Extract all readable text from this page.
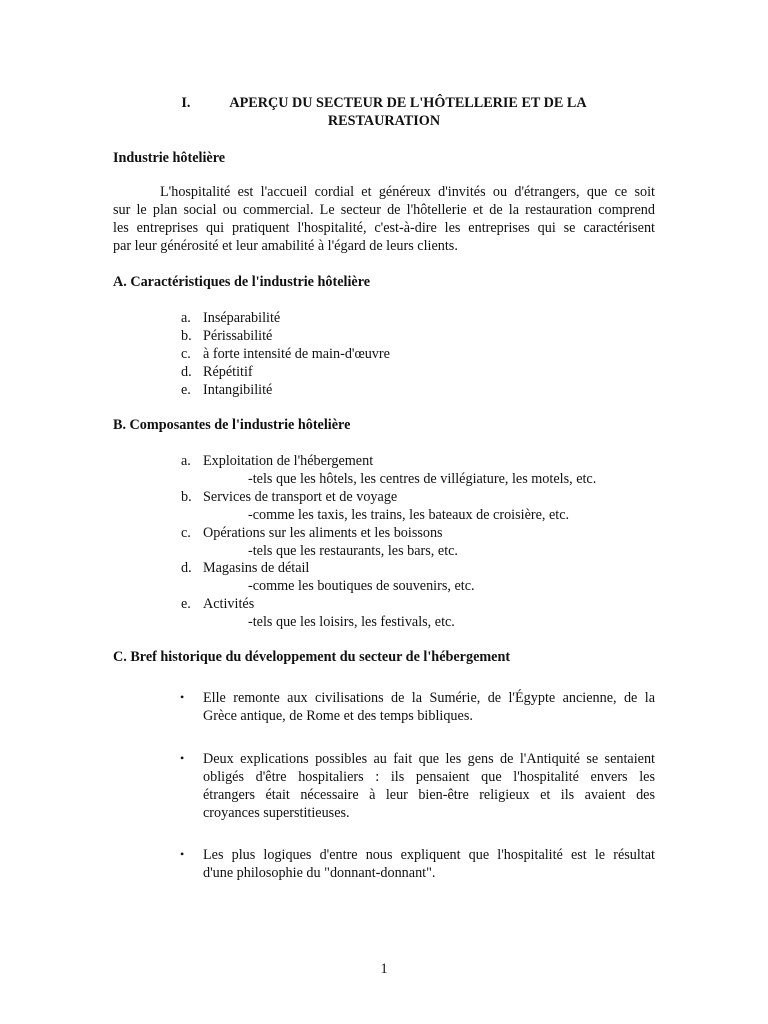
I.	APERÇU DU SECTEUR DE L'HÔTELLERIE ET DE LA
RESTAURATION
Industrie hôtelière
L'hospitalité est l'accueil cordial et généreux d'invités ou d'étrangers, que ce soit
sur le plan social ou commercial. Le secteur de l'hôtellerie et de la restauration comprend
les entreprises qui pratiquent l'hospitalité, c'est-à-dire les entreprises qui se caractérisent
par leur générosité et leur amabilité à l'égard de leurs clients.
A. Caractéristiques de l'industrie hôtelière
a. Inséparabilité
b. Périssabilité
c. à forte intensité de main-d'œuvre
d. Répétitif
e. Intangibilité
B. Composantes de l'industrie hôtelière
a. Exploitation de l'hébergement
-tels que les hôtels, les centres de villégiature, les motels, etc.
b. Services de transport et de voyage
-comme les taxis, les trains, les bateaux de croisière, etc.
c. Opérations sur les aliments et les boissons
-tels que les restaurants, les bars, etc.
d. Magasins de détail
-comme les boutiques de souvenirs, etc.
e. Activités
-tels que les loisirs, les festivals, etc.
C. Bref historique du développement du secteur de l'hébergement
• Elle remonte aux civilisations de la Sumérie, de l'Égypte ancienne, de la
Grèce antique, de Rome et des temps bibliques.
• Deux explications possibles au fait que les gens de l'Antiquité se sentaient
obligés d'être hospitaliers : ils pensaient que l'hospitalité envers les
étrangers était nécessaire à leur bien-être religieux et ils avaient des
croyances superstitieuses.
• Les plus logiques d'entre nous expliquent que l'hospitalité est le résultat
d'une philosophie du "donnant-donnant".
1
